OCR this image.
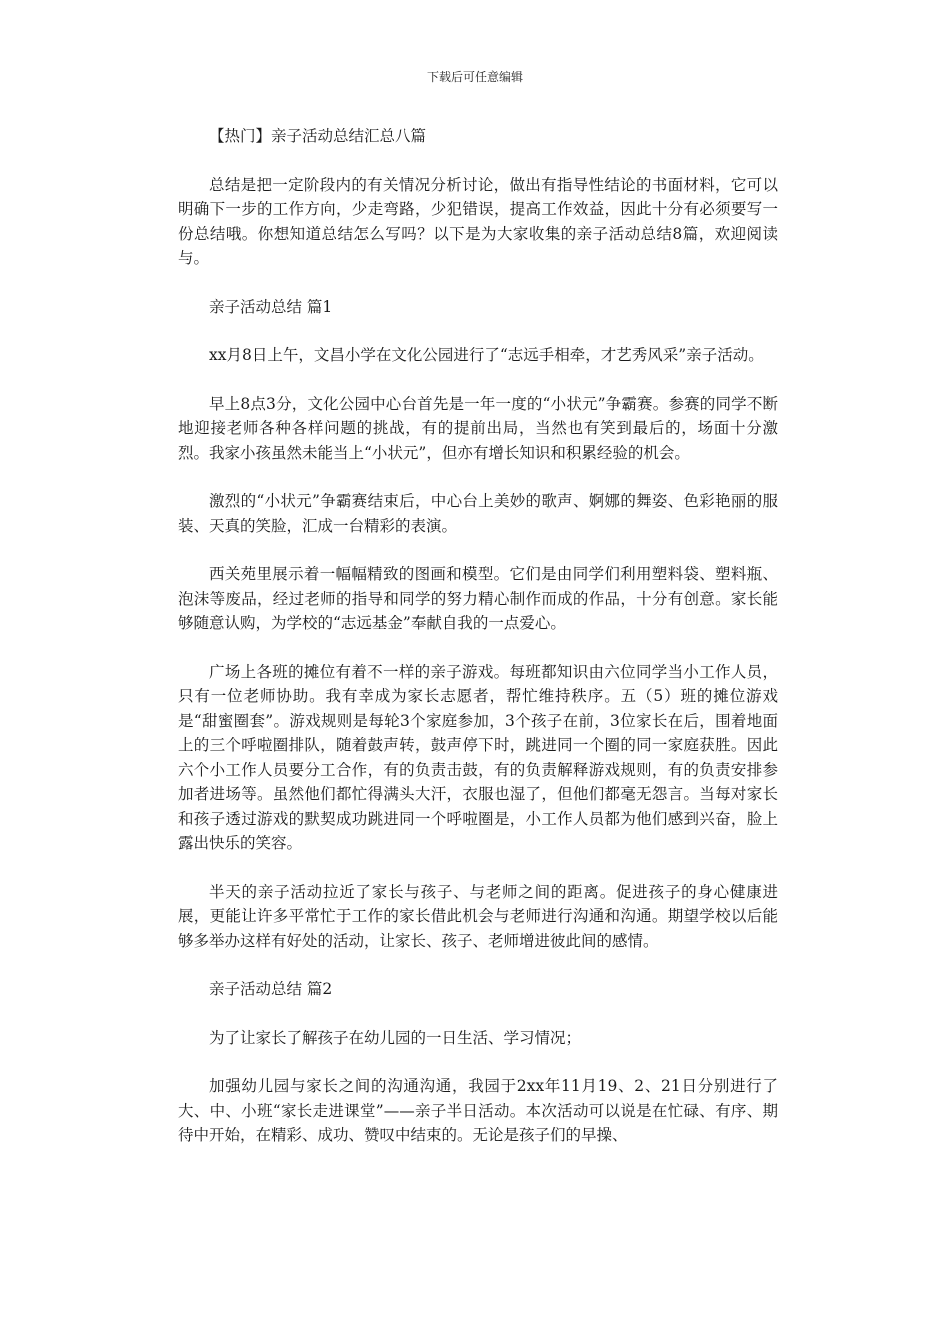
下载后可任意编辑

【热门】亲子活动总结汇总八篇

总结是把一定阶段内的有关情况分析讨论，做出有指导性结论的书面材料，它可以明确下一步的工作方向，少走弯路，少犯错误，提高工作效益，因此十分有必须要写一份总结哦。你想知道总结怎么写吗？以下是为大家收集的亲子活动总结8篇，欢迎阅读与。

亲子活动总结 篇1

xx月8日上午，文昌小学在文化公园进行了“志远手相牵，才艺秀风采”亲子活动。

早上8点3分，文化公园中心台首先是一年一度的“小状元”争霸赛。参赛的同学不断地迎接老师各种各样问题的挑战，有的提前出局，当然也有笑到最后的，场面十分激烈。我家小孩虽然未能当上“小状元”，但亦有增长知识和积累经验的机会。

激烈的“小状元”争霸赛结束后，中心台上美妙的歌声、婀娜的舞姿、色彩艳丽的服装、天真的笑脸，汇成一台精彩的表演。

西关苑里展示着一幅幅精致的图画和模型。它们是由同学们利用塑料袋、塑料瓶、泡沫等废品，经过老师的指导和同学的努力精心制作而成的作品，十分有创意。家长能够随意认购，为学校的“志远基金”奉献自我的一点爱心。

广场上各班的摊位有着不一样的亲子游戏。每班都知识由六位同学当小工作人员，只有一位老师协助。我有幸成为家长志愿者，帮忙维持秩序。五（5）班的摊位游戏是“甜蜜圈套”。游戏规则是每轮3个家庭参加，3个孩子在前，3位家长在后，围着地面上的三个呼啦圈排队，随着鼓声转，鼓声停下时，跳进同一个圈的同一家庭获胜。因此六个小工作人员要分工合作，有的负责击鼓，有的负责解释游戏规则，有的负责安排参加者进场等。虽然他们都忙得满头大汗，衣服也湿了，但他们都毫无怨言。当每对家长和孩子透过游戏的默契成功跳进同一个呼啦圈是，小工作人员都为他们感到兴奋，脸上露出快乐的笑容。

半天的亲子活动拉近了家长与孩子、与老师之间的距离。促进孩子的身心健康进展，更能让许多平常忙于工作的家长借此机会与老师进行沟通和沟通。期望学校以后能够多举办这样有好处的活动，让家长、孩子、老师增进彼此间的感情。

亲子活动总结 篇2

为了让家长了解孩子在幼儿园的一日生活、学习情况；

加强幼儿园与家长之间的沟通沟通，我园于2xx年11月19、2、21日分别进行了大、中、小班“家长走进课堂”——亲子半日活动。本次活动可以说是在忙碌、有序、期待中开始，在精彩、成功、赞叹中结束的。无论是孩子们的早操、
